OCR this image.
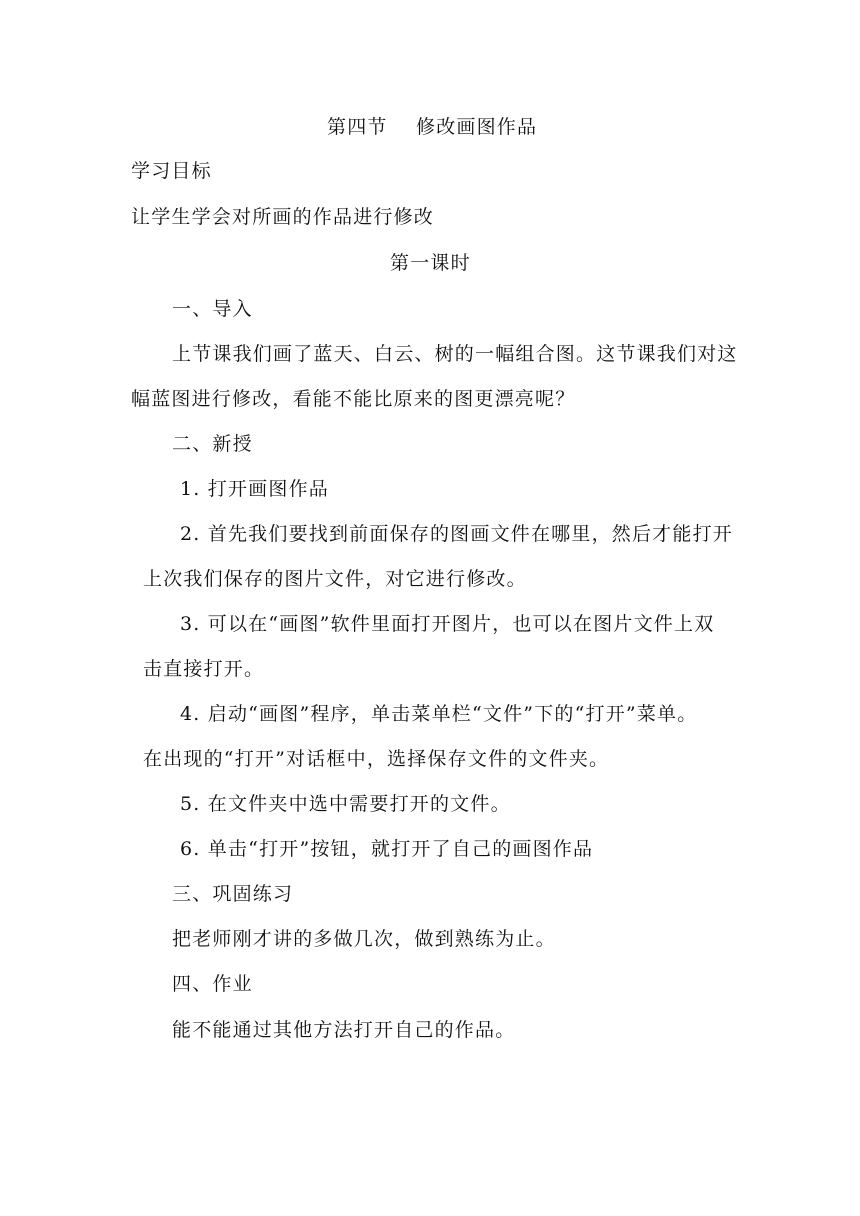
第四节 修改画图作品
学习目标
让学生学会对所画的作品进行修改
第一课时
一、导入
上节课我们画了蓝天、白云、树的一幅组合图。这节课我们对这
幅蓝图进行修改，看能不能比原来的图更漂亮呢？
二、新授
1. 打开画图作品
2. 首先我们要找到前面保存的图画文件在哪里，然后才能打开
上次我们保存的图片文件，对它进行修改。
3. 可以在“画图”软件里面打开图片，也可以在图片文件上双
击直接打开。
4. 启动“画图”程序，单击菜单栏“文件”下的“打开”菜单。
在出现的“打开”对话框中，选择保存文件的文件夹。
5. 在文件夹中选中需要打开的文件。
6. 单击“打开”按钮，就打开了自己的画图作品
三、巩固练习
把老师刚才讲的多做几次，做到熟练为止。
四、作业
能不能通过其他方法打开自己的作品。
